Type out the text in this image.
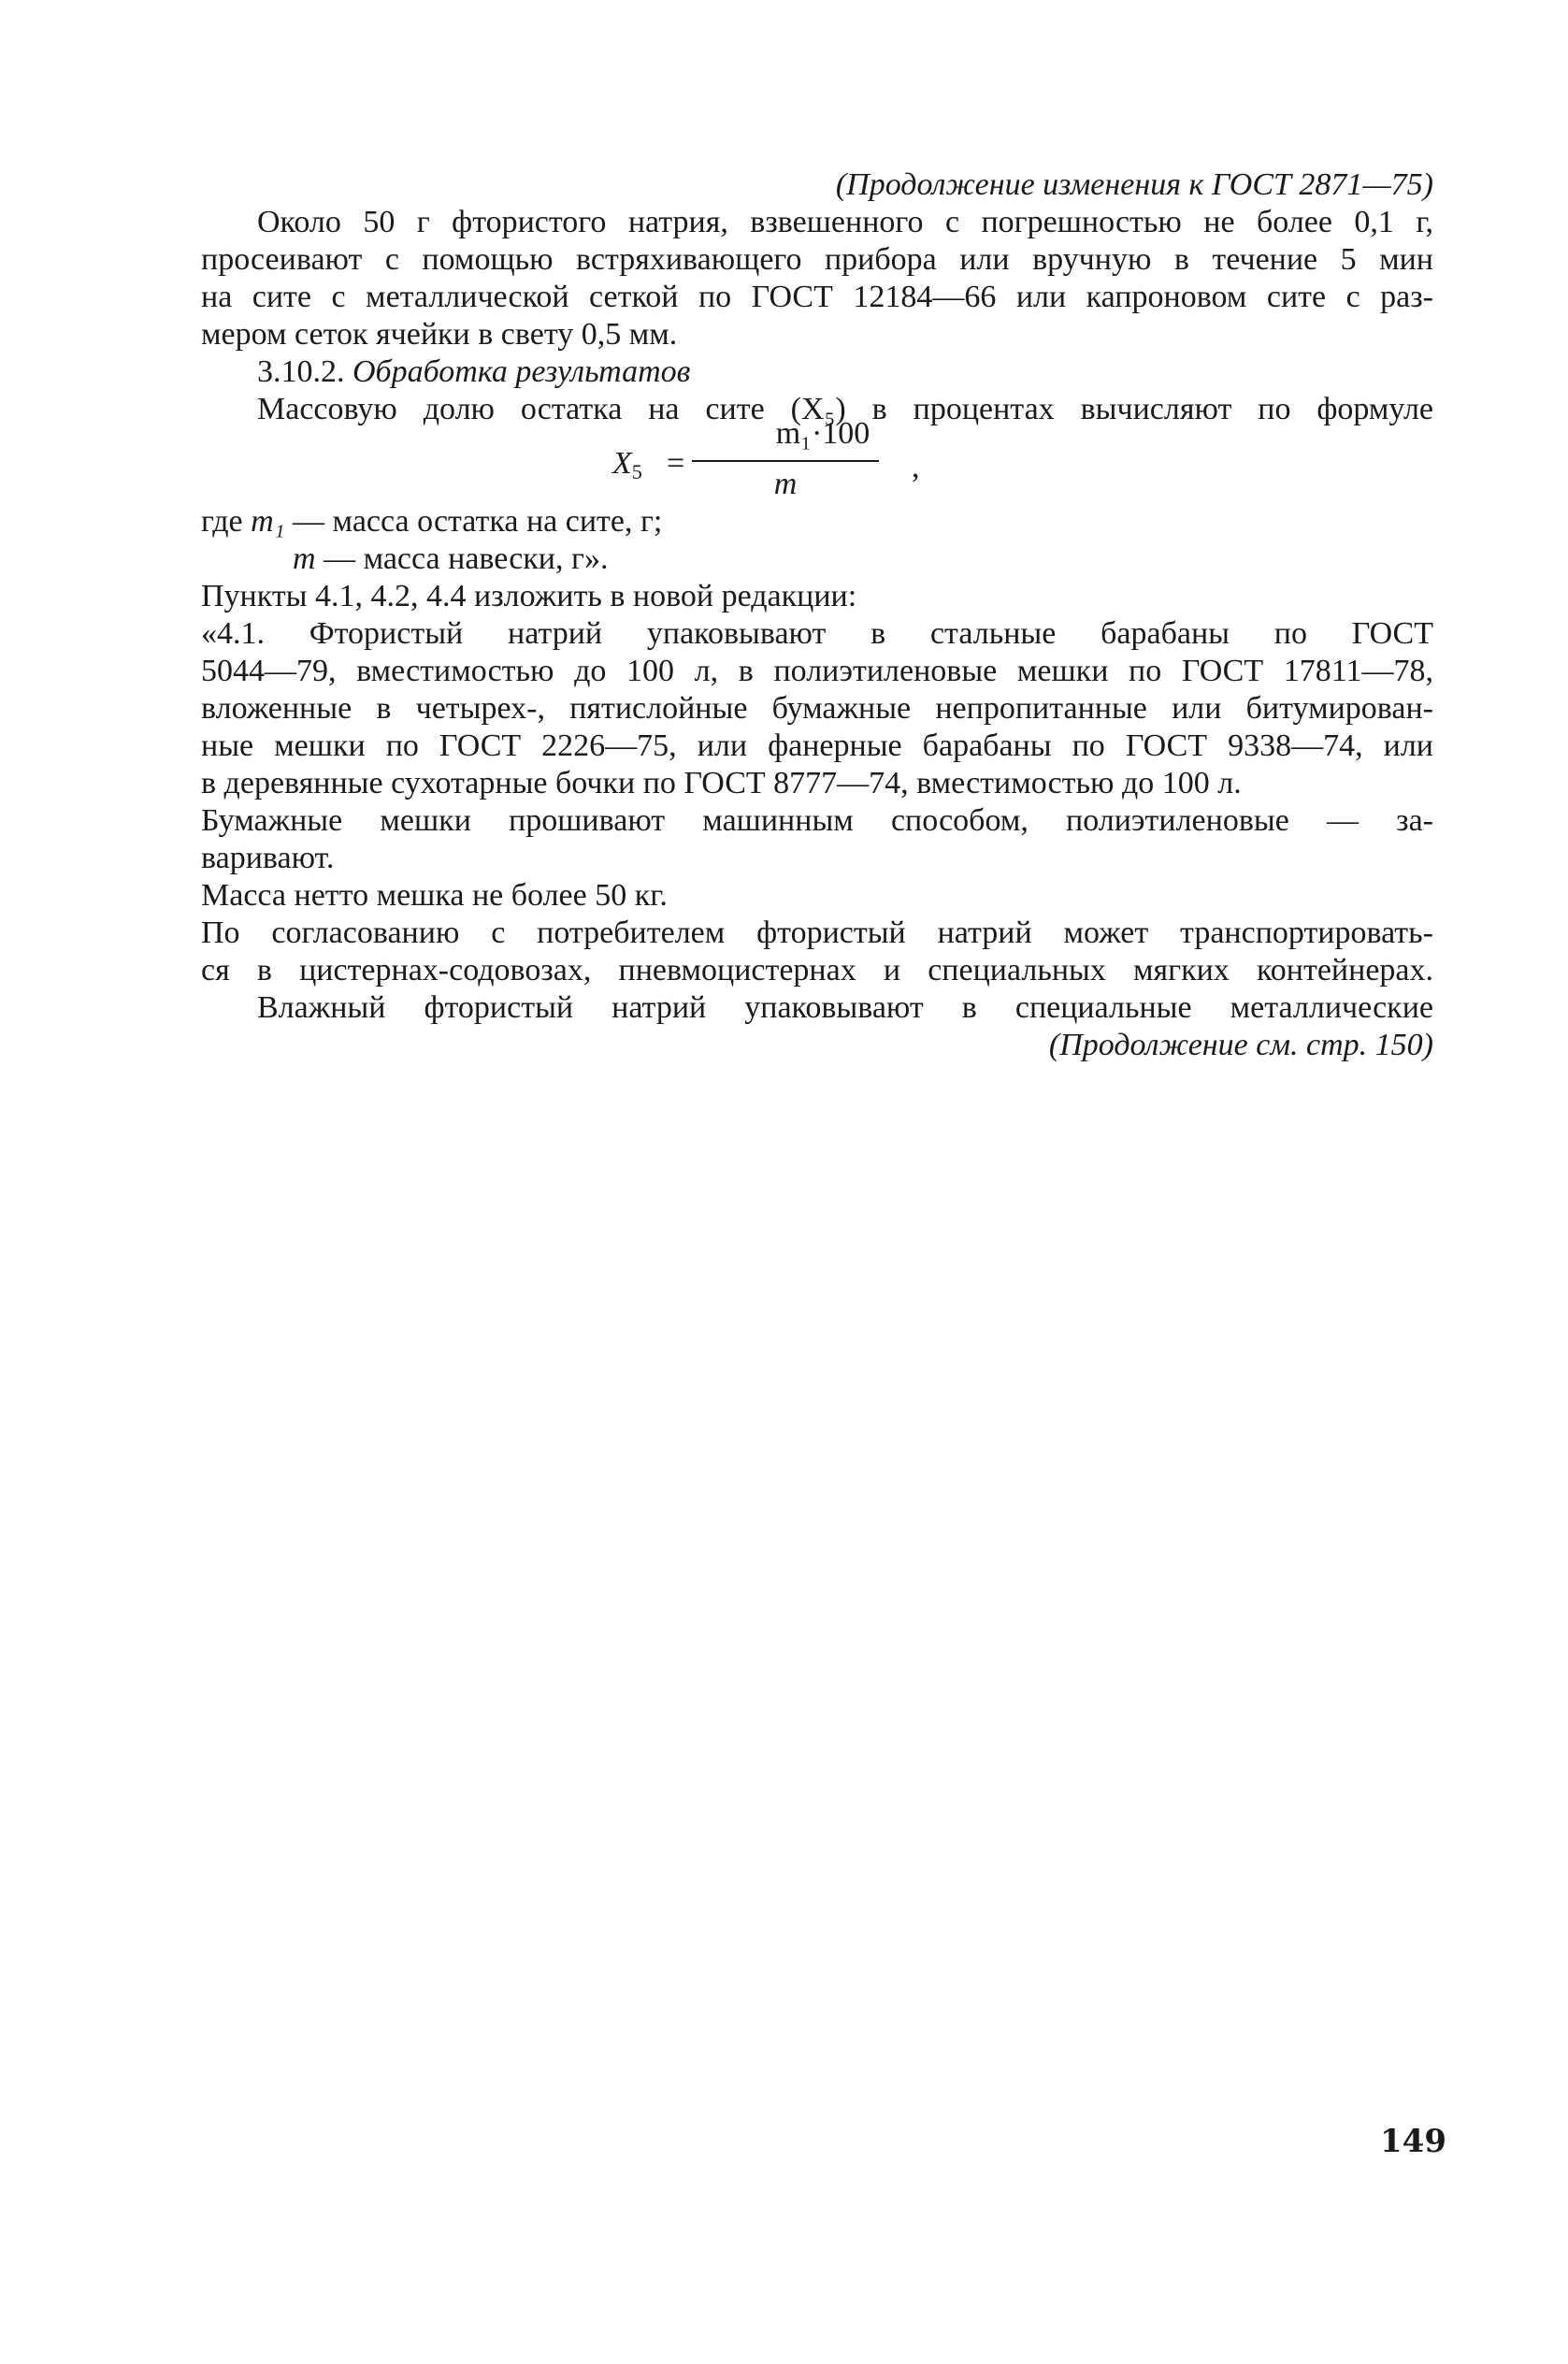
(Продолжение изменения к ГОСТ 2871—75)
Около 50 г фтористого натрия, взвешенного с погрешностью не более 0,1 г,
просеивают с помощью встряхивающего прибора или вручную в течение 5 мин
на сите с металлической сеткой по ГОСТ 12184—66 или капроновом сите с раз-
мером сеток ячейки в свету 0,5 мм.
3.10.2. Обработка результатов
Массовую долю остатка на сите (X₅) в процентах вычисляют по формуле
$X_5$ =
m₁·100
m	,
где m₁ — масса остатка на сите, г;
m — масса навески, г».
Пункты 4.1, 4.2, 4.4 изложить в новой редакции:
«4.1. Фтористый натрий упаковывают в стальные барабаны по ГОСТ
5044—79, вместимостью до 100 л, в полиэтиленовые мешки по ГОСТ 17811—78,
вложенные в четырех-, пятислойные бумажные непропитанные или битумирован-
ные мешки по ГОСТ 2226—75, или фанерные барабаны по ГОСТ 9338—74, или
в деревянные сухотарные бочки по ГОСТ 8777—74, вместимостью до 100 л.
Бумажные мешки прошивают машинным способом, полиэтиленовые — за-
варивают.
Масса нетто мешка не более 50 кг.
По согласованию с потребителем фтористый натрий может транспортировать-
ся в цистернах-содовозах, пневмоцистернах и специальных мягких контейнерах.
Влажный фтористый натрий упаковывают в специальные металлические
(Продолжение см. стр. 150)
149
